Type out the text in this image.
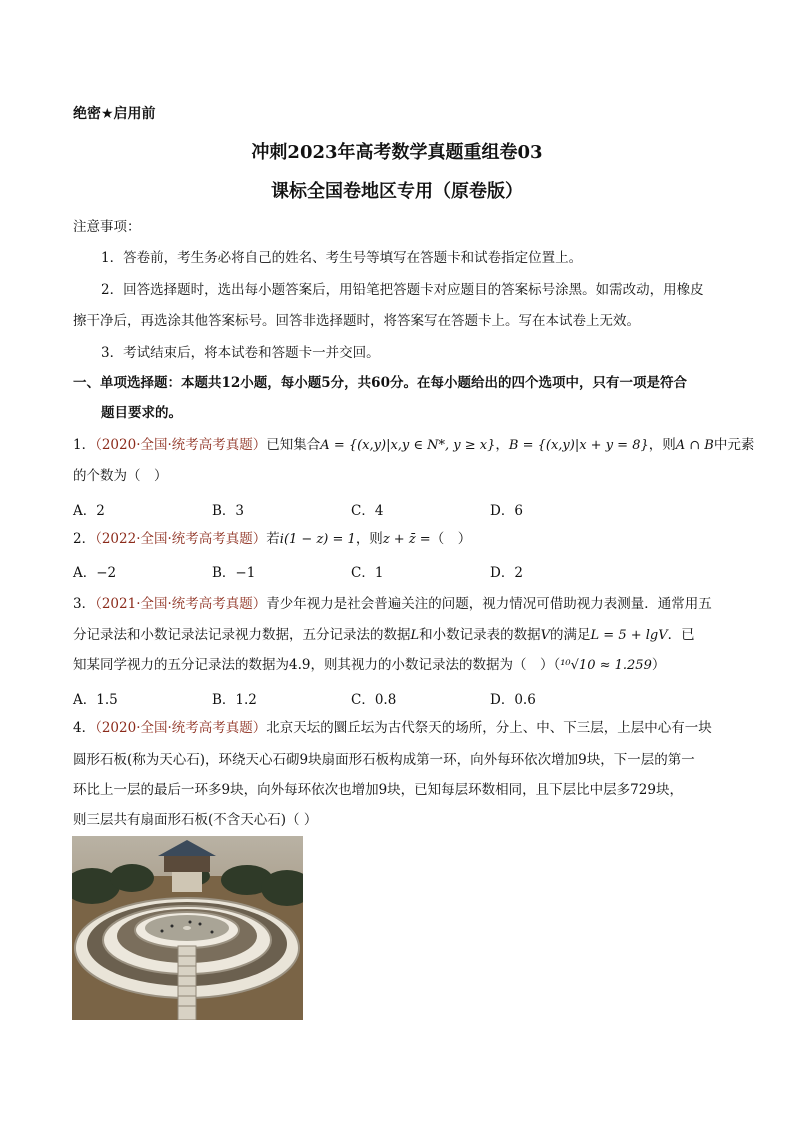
绝密★启用前
冲刺2023年高考数学真题重组卷03
课标全国卷地区专用（原卷版）
注意事项：
1．答卷前，考生务必将自己的姓名、考生号等填写在答题卡和试卷指定位置上。
2．回答选择题时，选出每小题答案后，用铅笔把答题卡对应题目的答案标号涂黑。如需改动，用橡皮
擦干净后，再选涂其他答案标号。回答非选择题时，将答案写在答题卡上。写在本试卷上无效。
3．考试结束后，将本试卷和答题卡一并交回。
一、单项选择题：本题共12小题，每小题5分，共60分。在每小题给出的四个选项中，只有一项是符合
题目要求的。
1．（2020·全国·统考高考真题）已知集合A = {(x,y)|x,y ∈ N*, y ≥ x}，B = {(x,y)|x + y = 8}，则A ∩ B中元素
的个数为（　）
A．2	B．3	C．4	D．6
2．（2022·全国·统考高考真题）若i(1 − z) = 1，则z + z̄ =（　）
A．−2	B．−1	C．1	D．2
3．（2021·全国·统考高考真题）青少年视力是社会普遍关注的问题，视力情况可借助视力表测量．通常用五
分记录法和小数记录法记录视力数据，五分记录法的数据L和小数记录表的数据V的满足L = 5 + lgV．已
知某同学视力的五分记录法的数据为4.9，则其视力的小数记录法的数据为（　）（¹⁰√10 ≈ 1.259）
A．1.5	B．1.2	C．0.8	D．0.6
4．（2020·全国·统考高考真题）北京天坛的圜丘坛为古代祭天的场所，分上、中、下三层，上层中心有一块
圆形石板(称为天心石)，环绕天心石砌9块扇面形石板构成第一环，向外每环依次增加9块，下一层的第一
环比上一层的最后一环多9块，向外每环依次也增加9块，已知每层环数相同，且下层比中层多729块，
则三层共有扇面形石板(不含天心石)（ ）
